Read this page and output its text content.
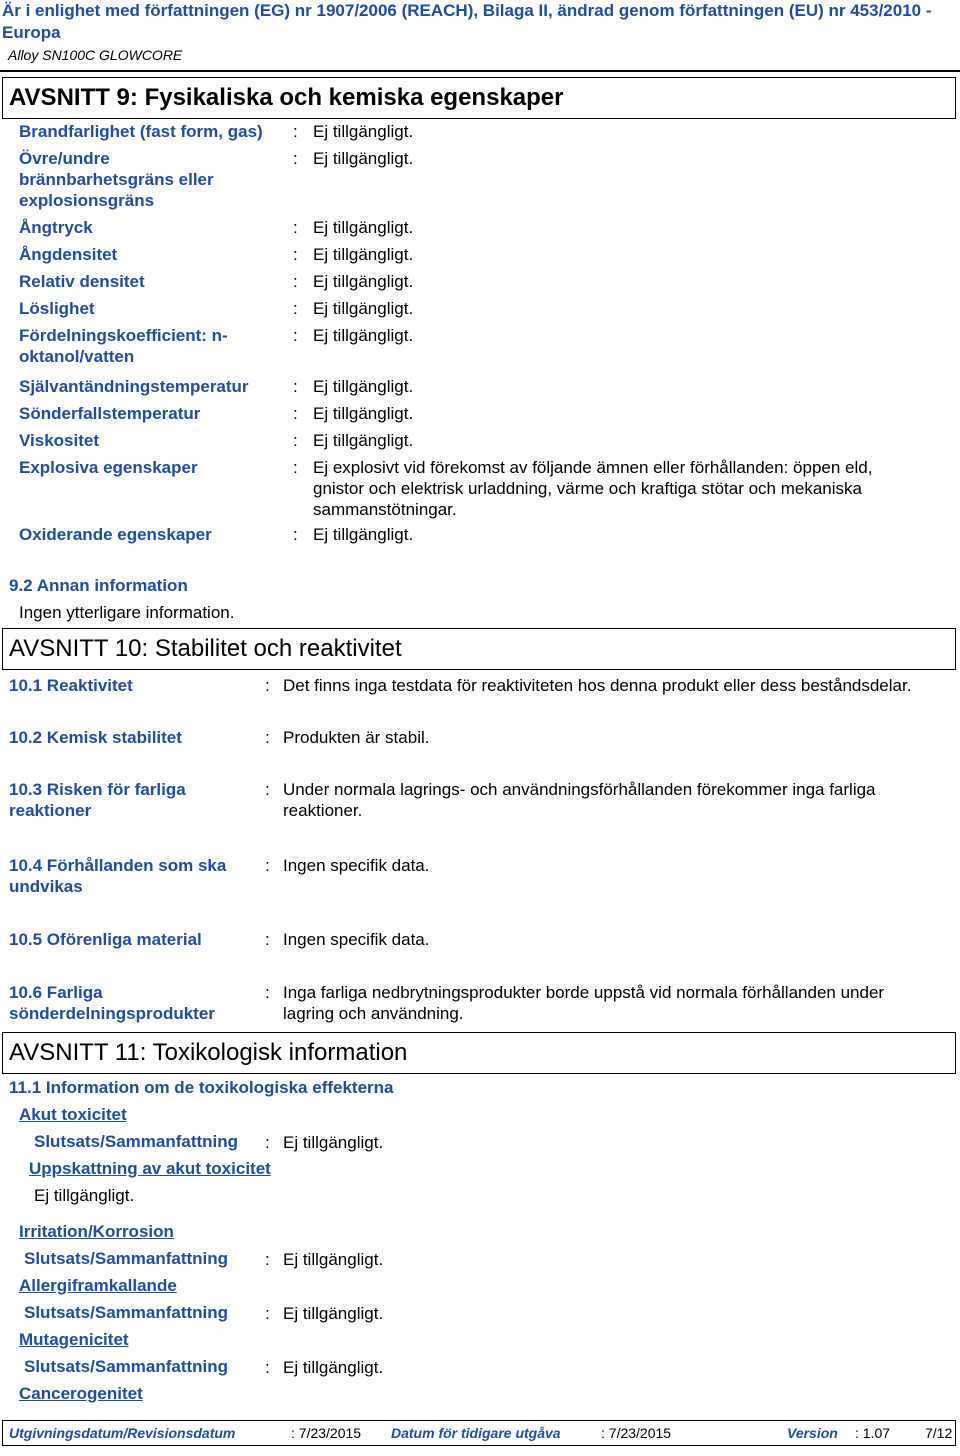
Är i enlighet med författningen (EG) nr 1907/2006 (REACH), Bilaga II, ändrad genom författningen (EU) nr 453/2010 - Europa
Alloy SN100C GLOWCORE
AVSNITT 9: Fysikaliska och kemiska egenskaper
Brandfarlighet (fast form, gas)	: Ej tillgängligt.
Övre/undre brännbarhetsgräns eller explosionsgräns
: Ej tillgängligt.
Ångtryck	: Ej tillgängligt.
Ångdensitet	: Ej tillgängligt.
Relativ densitet	: Ej tillgängligt.
Löslighet	: Ej tillgängligt.
Fördelningskoefficient: n-oktanol/vatten
: Ej tillgängligt.
Självantändningstemperatur	: Ej tillgängligt.
Sönderfallstemperatur	: Ej tillgängligt.
Viskositet	: Ej tillgängligt.
Explosiva egenskaper	: Ej explosivt vid förekomst av följande ämnen eller förhållanden: öppen eld, gnistor och elektrisk urladdning, värme och kraftiga stötar och mekaniska sammanstötningar.
Oxiderande egenskaper	: Ej tillgängligt.
9.2 Annan information
Ingen ytterligare information.
AVSNITT 10: Stabilitet och reaktivitet
10.1 Reaktivitet	: Det finns inga testdata för reaktiviteten hos denna produkt eller dess beståndsdelar.
10.2 Kemisk stabilitet	: Produkten är stabil.
10.3 Risken för farliga reaktioner
: Under normala lagrings- och användningsförhållanden förekommer inga farliga reaktioner.
10.4 Förhållanden som ska undvikas
: Ingen specifik data.
10.5 Oförenliga material	: Ingen specifik data.
10.6 Farliga sönderdelningsprodukter
: Inga farliga nedbrytningsprodukter borde uppstå vid normala förhållanden under lagring och användning.
AVSNITT 11: Toxikologisk information
11.1 Information om de toxikologiska effekterna
Akut toxicitet
Slutsats/Sammanfattning : Ej tillgängligt.
Uppskattning av akut toxicitet
Ej tillgängligt.
Irritation/Korrosion
Slutsats/Sammanfattning : Ej tillgängligt.
Allergiframkallande
Slutsats/Sammanfattning : Ej tillgängligt.
Mutagenicitet
Slutsats/Sammanfattning : Ej tillgängligt.
Cancerogenitet
Utgivningsdatum/Revisionsdatum	: 7/23/2015 Datum för tidigare utgåva	: 7/23/2015	Version : 1.07 7/12
